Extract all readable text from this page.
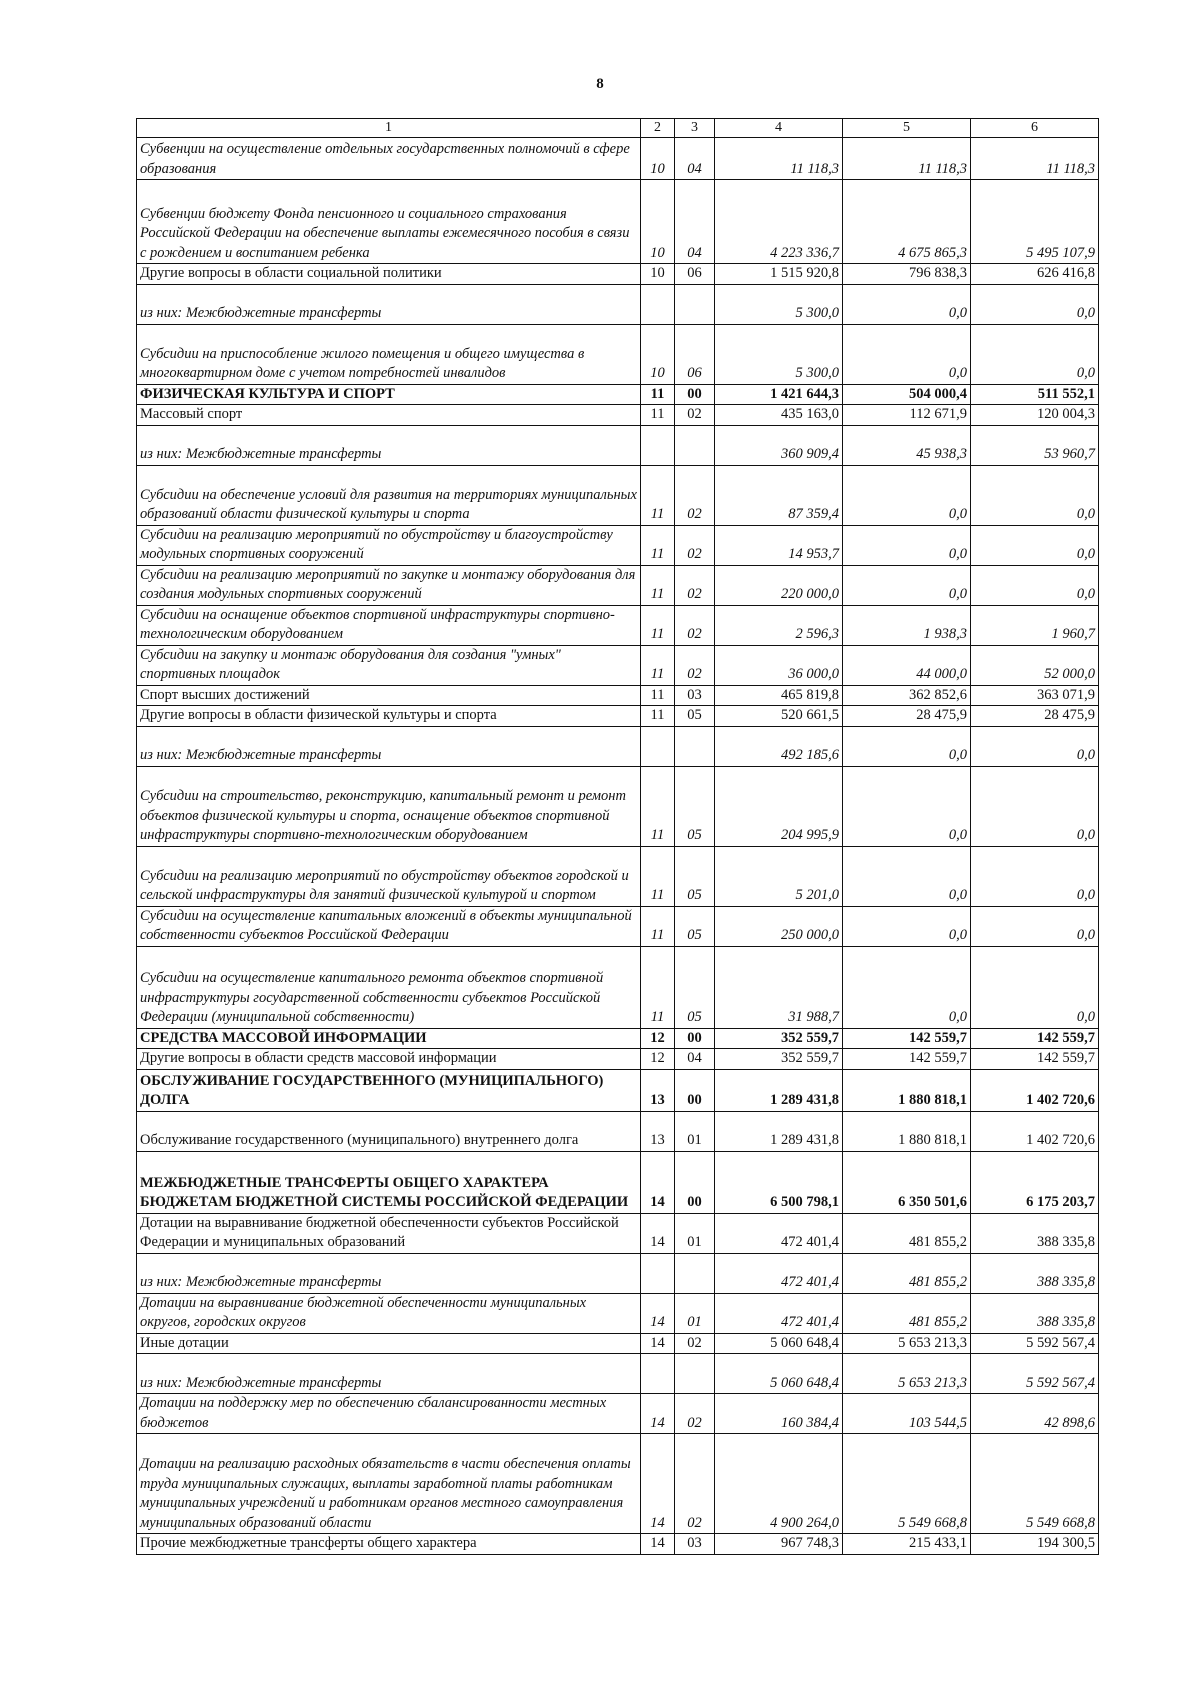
8
1	2	3	4	5	6
Субвенции на осуществление отдельных государственных полномочий в сфере образования	10	04	11 118,3	11 118,3	11 118,3
Субвенции бюджету Фонда пенсионного и социального страхования Российской Федерации на обеспечение выплаты ежемесячного пособия в связи с рождением и воспитанием ребенка	10	04	4 223 336,7	4 675 865,3	5 495 107,9
Другие вопросы в области социальной политики	10	06	1 515 920,8	796 838,3	626 416,8
из них: Межбюджетные трансферты			5 300,0	0,0	0,0
Субсидии на приспособление жилого помещения и общего имущества в многоквартирном доме с учетом потребностей инвалидов	10	06	5 300,0	0,0	0,0
ФИЗИЧЕСКАЯ КУЛЬТУРА И СПОРТ	11	00	1 421 644,3	504 000,4	511 552,1
Массовый спорт	11	02	435 163,0	112 671,9	120 004,3
из них: Межбюджетные трансферты			360 909,4	45 938,3	53 960,7
Субсидии на обеспечение условий для развития на территориях муниципальных образований области физической культуры и спорта	11	02	87 359,4	0,0	0,0
Субсидии на реализацию мероприятий по обустройству и благоустройству модульных спортивных сооружений	11	02	14 953,7	0,0	0,0
Субсидии на реализацию мероприятий по закупке и монтажу оборудования для создания модульных спортивных сооружений	11	02	220 000,0	0,0	0,0
Субсидии на оснащение объектов спортивной инфраструктуры спортивно-технологическим оборудованием	11	02	2 596,3	1 938,3	1 960,7
Субсидии на закупку и монтаж оборудования для создания "умных" спортивных площадок	11	02	36 000,0	44 000,0	52 000,0
Спорт высших достижений	11	03	465 819,8	362 852,6	363 071,9
Другие вопросы в области физической культуры и спорта	11	05	520 661,5	28 475,9	28 475,9
из них: Межбюджетные трансферты			492 185,6	0,0	0,0
Субсидии на строительство, реконструкцию, капитальный ремонт и ремонт объектов физической культуры и спорта, оснащение объектов спортивной инфраструктуры спортивно-технологическим оборудованием	11	05	204 995,9	0,0	0,0
Субсидии на реализацию мероприятий по обустройству объектов городской и сельской инфраструктуры для занятий физической культурой и спортом	11	05	5 201,0	0,0	0,0
Субсидии на осуществление капитальных вложений в объекты муниципальной собственности субъектов Российской Федерации	11	05	250 000,0	0,0	0,0
Субсидии на осуществление капитального ремонта объектов спортивной инфраструктуры государственной собственности субъектов Российской Федерации (муниципальной собственности)	11	05	31 988,7	0,0	0,0
СРЕДСТВА МАССОВОЙ ИНФОРМАЦИИ	12	00	352 559,7	142 559,7	142 559,7
Другие вопросы в области средств массовой информации	12	04	352 559,7	142 559,7	142 559,7
ОБСЛУЖИВАНИЕ ГОСУДАРСТВЕННОГО (МУНИЦИПАЛЬНОГО) ДОЛГА	13	00	1 289 431,8	1 880 818,1	1 402 720,6
Обслуживание государственного (муниципального) внутреннего долга	13	01	1 289 431,8	1 880 818,1	1 402 720,6
МЕЖБЮДЖЕТНЫЕ ТРАНСФЕРТЫ ОБЩЕГО ХАРАКТЕРА БЮДЖЕТАМ БЮДЖЕТНОЙ СИСТЕМЫ РОССИЙСКОЙ ФЕДЕРАЦИИ	14	00	6 500 798,1	6 350 501,6	6 175 203,7
Дотации на выравнивание бюджетной обеспеченности субъектов Российской Федерации и муниципальных образований	14	01	472 401,4	481 855,2	388 335,8
из них: Межбюджетные трансферты			472 401,4	481 855,2	388 335,8
Дотации на выравнивание бюджетной обеспеченности муниципальных округов, городских округов	14	01	472 401,4	481 855,2	388 335,8
Иные дотации	14	02	5 060 648,4	5 653 213,3	5 592 567,4
из них: Межбюджетные трансферты			5 060 648,4	5 653 213,3	5 592 567,4
Дотации на поддержку мер по обеспечению сбалансированности местных бюджетов	14	02	160 384,4	103 544,5	42 898,6
Дотации на реализацию расходных обязательств в части обеспечения оплаты труда муниципальных служащих, выплаты заработной платы работникам муниципальных учреждений и работникам органов местного самоуправления муниципальных образований области	14	02	4 900 264,0	5 549 668,8	5 549 668,8
Прочие межбюджетные трансферты общего характера	14	03	967 748,3	215 433,1	194 300,5
